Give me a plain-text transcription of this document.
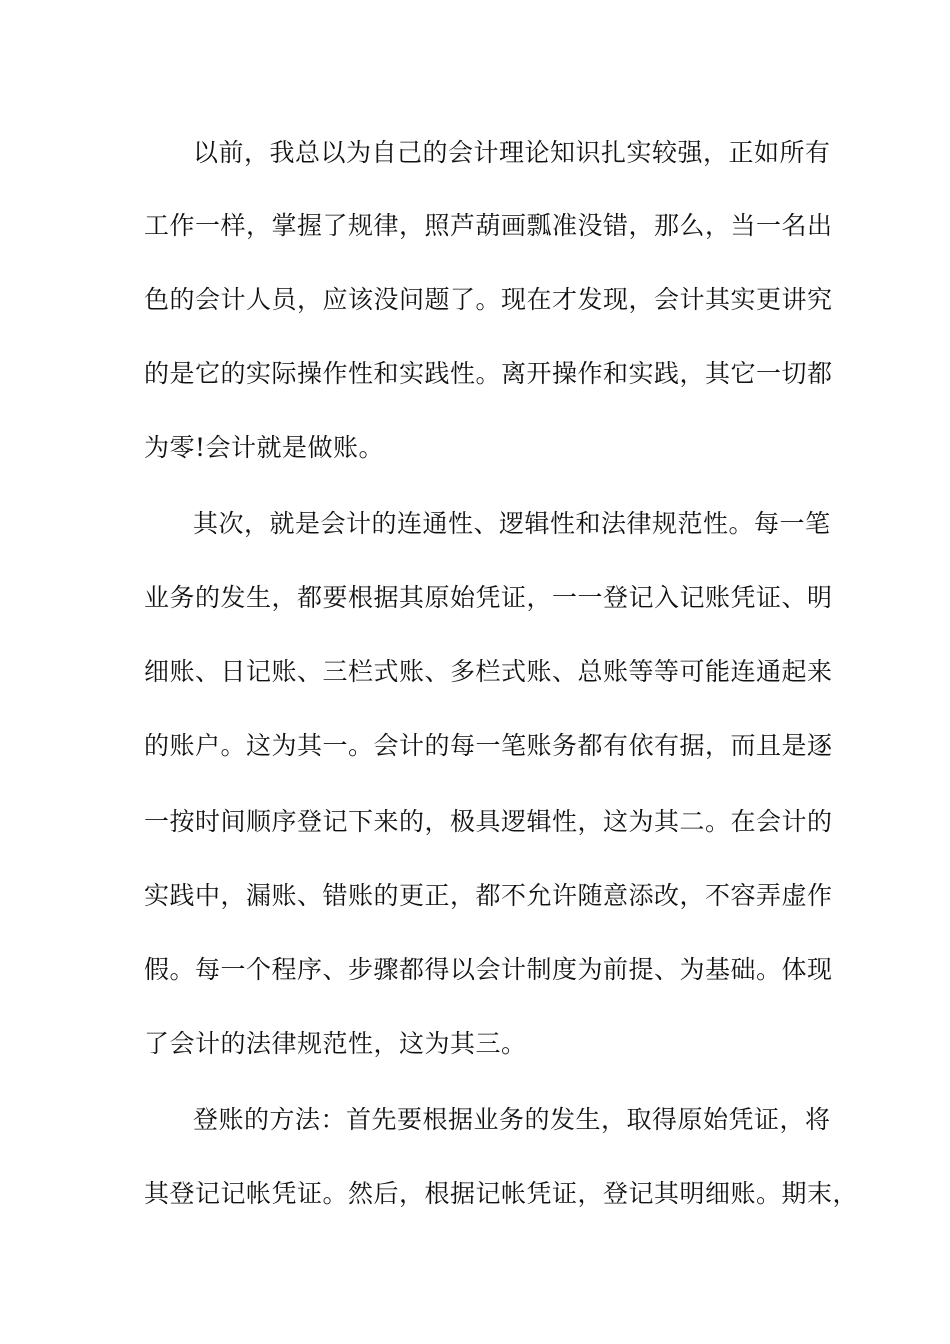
以前，我总以为自己的会计理论知识扎实较强，正如所有
工作一样，掌握了规律，照芦葫画瓢准没错，那么，当一名出
色的会计人员，应该没问题了。现在才发现，会计其实更讲究
的是它的实际操作性和实践性。离开操作和实践，其它一切都
为零!会计就是做账。
其次，就是会计的连通性、逻辑性和法律规范性。每一笔
业务的发生，都要根据其原始凭证，一一登记入记账凭证、明
细账、日记账、三栏式账、多栏式账、总账等等可能连通起来
的账户。这为其一。会计的每一笔账务都有依有据，而且是逐
一按时间顺序登记下来的，极具逻辑性，这为其二。在会计的
实践中，漏账、错账的更正，都不允许随意添改，不容弄虚作
假。每一个程序、步骤都得以会计制度为前提、为基础。体现
了会计的法律规范性，这为其三。
登账的方法：首先要根据业务的发生，取得原始凭证，将
其登记记帐凭证。然后，根据记帐凭证，登记其明细账。期末，
